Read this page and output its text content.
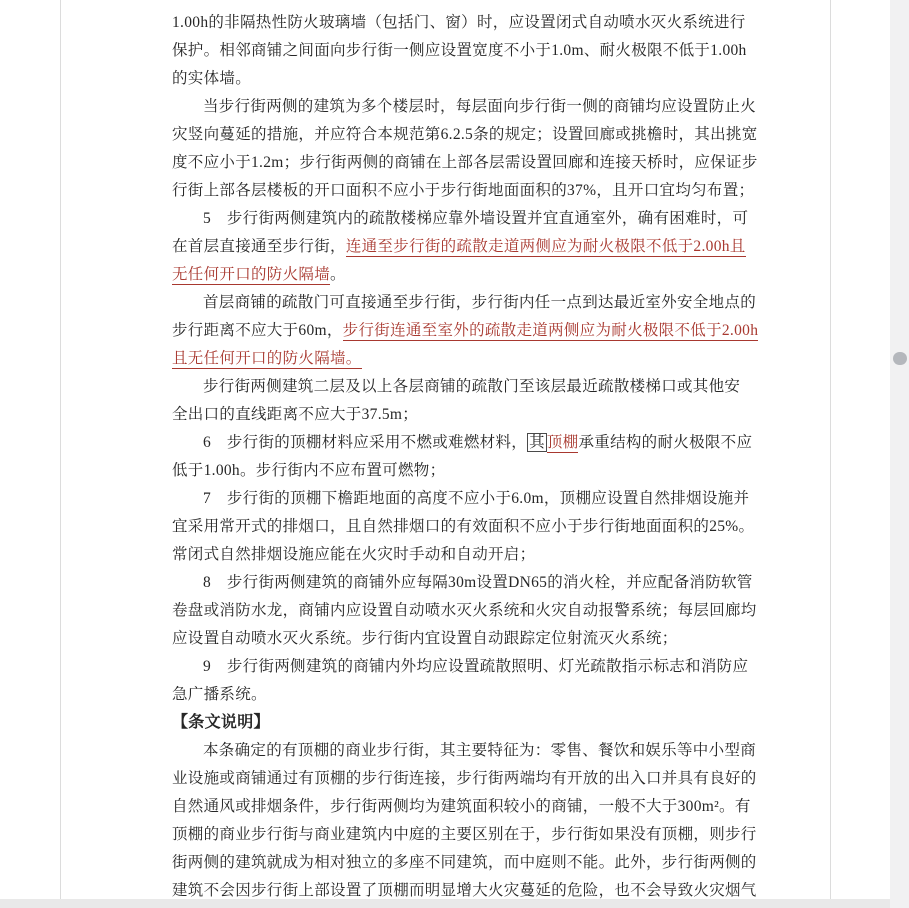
1.00h的非隔热性防火玻璃墙（包括门、窗）时，应设置闭式自动喷水灭火系统进行
保护。相邻商铺之间面向步行街一侧应设置宽度不小于1.0m、耐火极限不低于1.00h
的实体墙。
当步行街两侧的建筑为多个楼层时，每层面向步行街一侧的商铺均应设置防止火
灾竖向蔓延的措施，并应符合本规范第6.2.5条的规定；设置回廊或挑檐时，其出挑宽
度不应小于1.2m；步行街两侧的商铺在上部各层需设置回廊和连接天桥时，应保证步
行街上部各层楼板的开口面积不应小于步行街地面面积的37%，且开口宜均匀布置；
5　步行街两侧建筑内的疏散楼梯应靠外墙设置并宜直通室外，确有困难时，可
在首层直接通至步行街，连通至步行街的疏散走道两侧应为耐火极限不低于2.00h且
无任何开口的防火隔墙。
首层商铺的疏散门可直接通至步行街，步行街内任一点到达最近室外安全地点的
步行距离不应大于60m，步行街连通至室外的疏散走道两侧应为耐火极限不低于2.00h
且无任何开口的防火隔墙。
步行街两侧建筑二层及以上各层商铺的疏散门至该层最近疏散楼梯口或其他安
全出口的直线距离不应大于37.5m；
6　步行街的顶棚材料应采用不燃或难燃材料， 其 顶棚承重结构的耐火极限不应
低于1.00h。步行街内不应布置可燃物；
7　步行街的顶棚下檐距地面的高度不应小于6.0m，顶棚应设置自然排烟设施并
宜采用常开式的排烟口，且自然排烟口的有效面积不应小于步行街地面面积的25%。
常闭式自然排烟设施应能在火灾时手动和自动开启；
8　步行街两侧建筑的商铺外应每隔30m设置DN65的消火栓，并应配备消防软管
卷盘或消防水龙，商铺内应设置自动喷水灭火系统和火灾自动报警系统；每层回廊均
应设置自动喷水灭火系统。步行街内宜设置自动跟踪定位射流灭火系统；
9　步行街两侧建筑的商铺内外均应设置疏散照明、灯光疏散指示标志和消防应
急广播系统。
【条文说明】
本条确定的有顶棚的商业步行街，其主要特征为：零售、餐饮和娱乐等中小型商
业设施或商铺通过有顶棚的步行街连接，步行街两端均有开放的出入口并具有良好的
自然通风或排烟条件，步行街两侧均为建筑面积较小的商铺，一般不大于300m²。有
顶棚的商业步行街与商业建筑内中庭的主要区别在于，步行街如果没有顶棚，则步行
街两侧的建筑就成为相对独立的多座不同建筑，而中庭则不能。此外，步行街两侧的
建筑不会因步行街上部设置了顶棚而明显增大火灾蔓延的危险，也不会导致火灾烟气
